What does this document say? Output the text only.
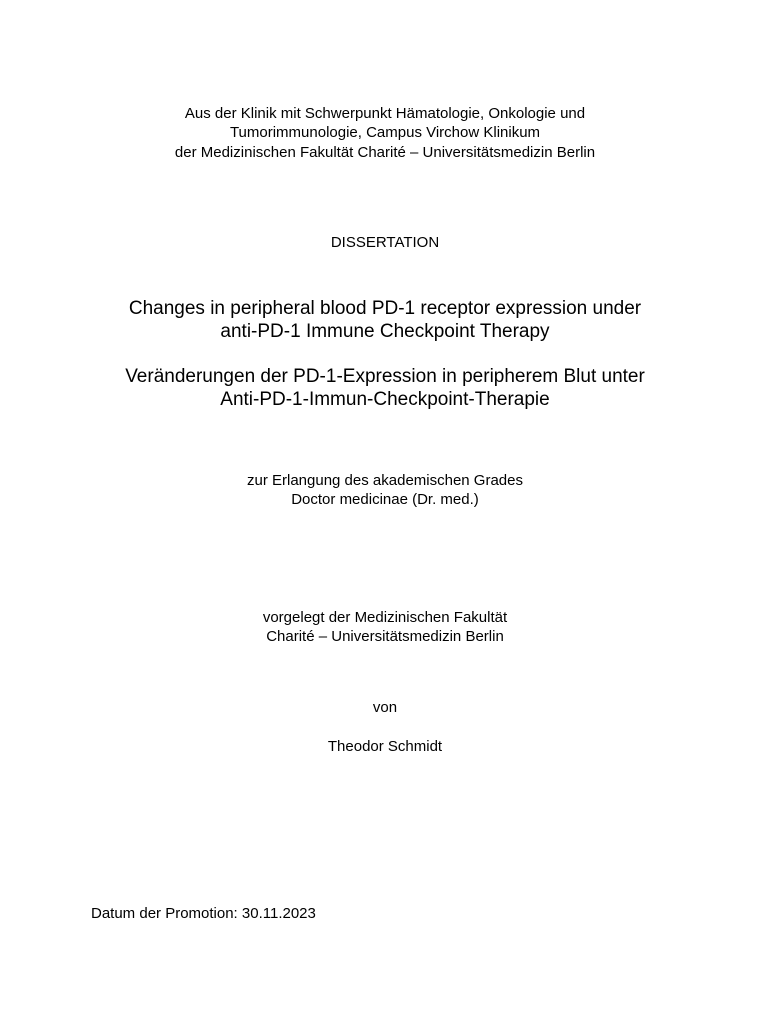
Aus der Klinik mit Schwerpunkt Hämatologie, Onkologie und
Tumorimmunologie, Campus Virchow Klinikum
der Medizinischen Fakultät Charité – Universitätsmedizin Berlin
DISSERTATION
Changes in peripheral blood PD-1 receptor expression under
anti-PD-1 Immune Checkpoint Therapy
Veränderungen der PD-1-Expression in peripherem Blut unter
Anti-PD-1-Immun-Checkpoint-Therapie
zur Erlangung des akademischen Grades
Doctor medicinae (Dr. med.)
vorgelegt der Medizinischen Fakultät
Charité – Universitätsmedizin Berlin
von
Theodor Schmidt
Datum der Promotion: 30.11.2023
